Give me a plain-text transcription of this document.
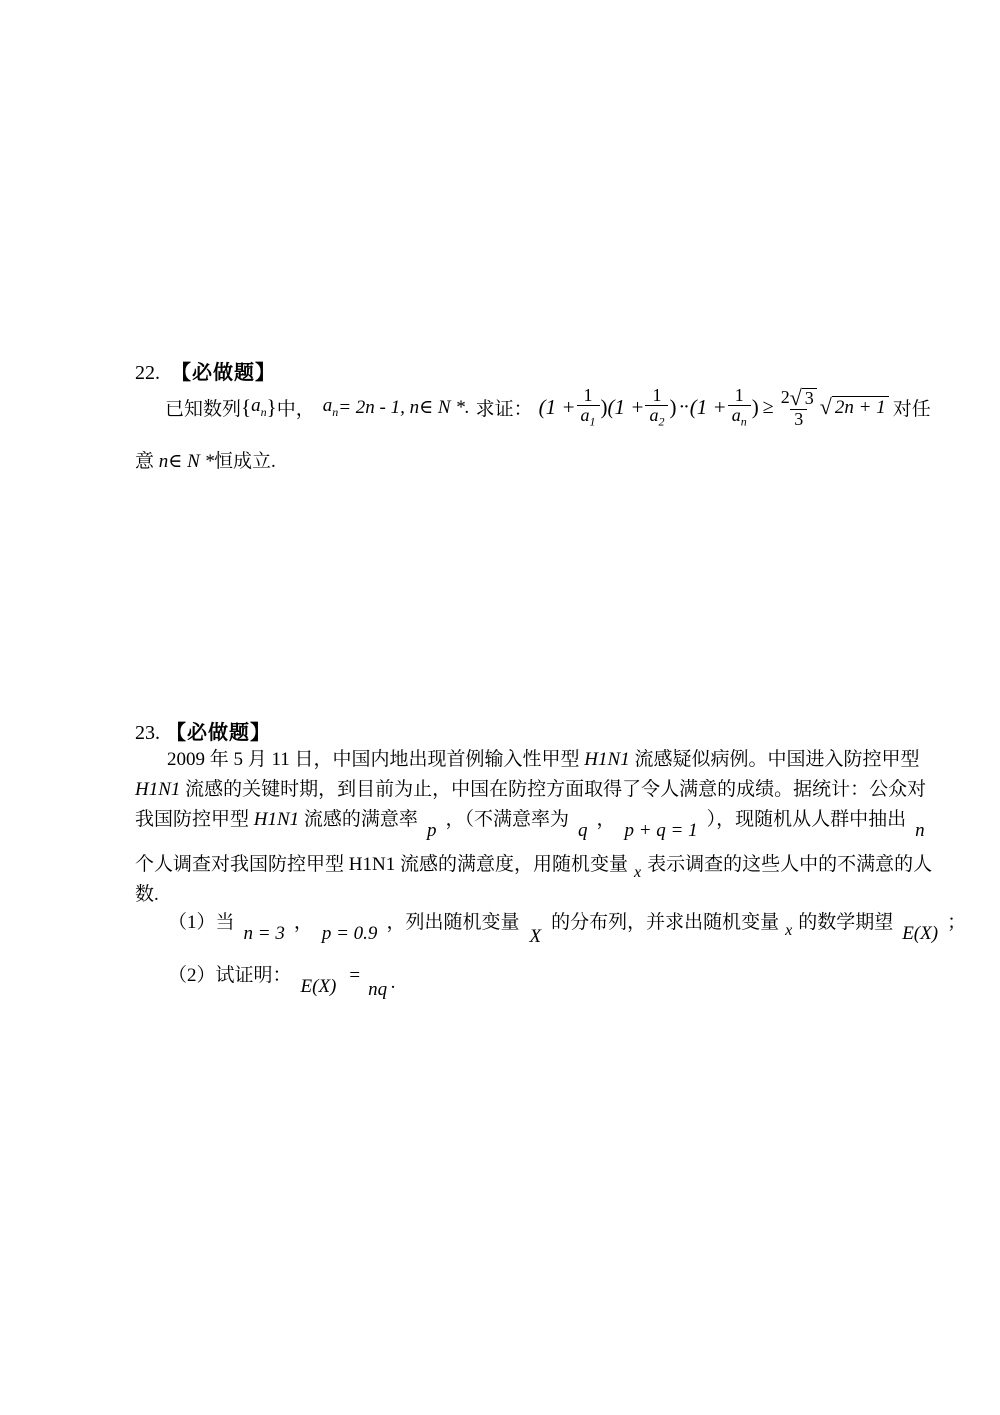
22. 【必做题】
已知数列 { $a_n$ } 中， $a_n = 2n - 1$, n∈ N *. 求证： ($1 + \frac{1}{a_1}$ ) ($1 + \frac{1}{a_2}$ ) ·· ($1 + \frac{1}{a_n}$ ) ≥ $\frac{2 √ 3}{3}$ √ 2n + 1 对任
意 n∈ N *恒成立.
23. 【必做题】
2009 年 5 月 11 日，中国内地出现首例输入性甲型 H1N1 流感疑似病例。中国进入防控甲型
H1N1 流感的关键时期，到目前为止，中国在防控方面取得了令人满意的成绩。据统计：公众对
我国防控甲型 H1N1 流感的满意率p，（不满意率为q，p + q = 1），现随机从人群中抽出n
个人调查对我国防控甲型 H1N1 流感的满意度，用随机变量 $_x$ 表示调查的这些人中的不满意的人
数.
（1）当n = 3，p = 0.9，列出随机变量X的分布列，并求出随机变量 $_x$ 的数学期望E(X)；
（2）试证明：E(X)=nq .
